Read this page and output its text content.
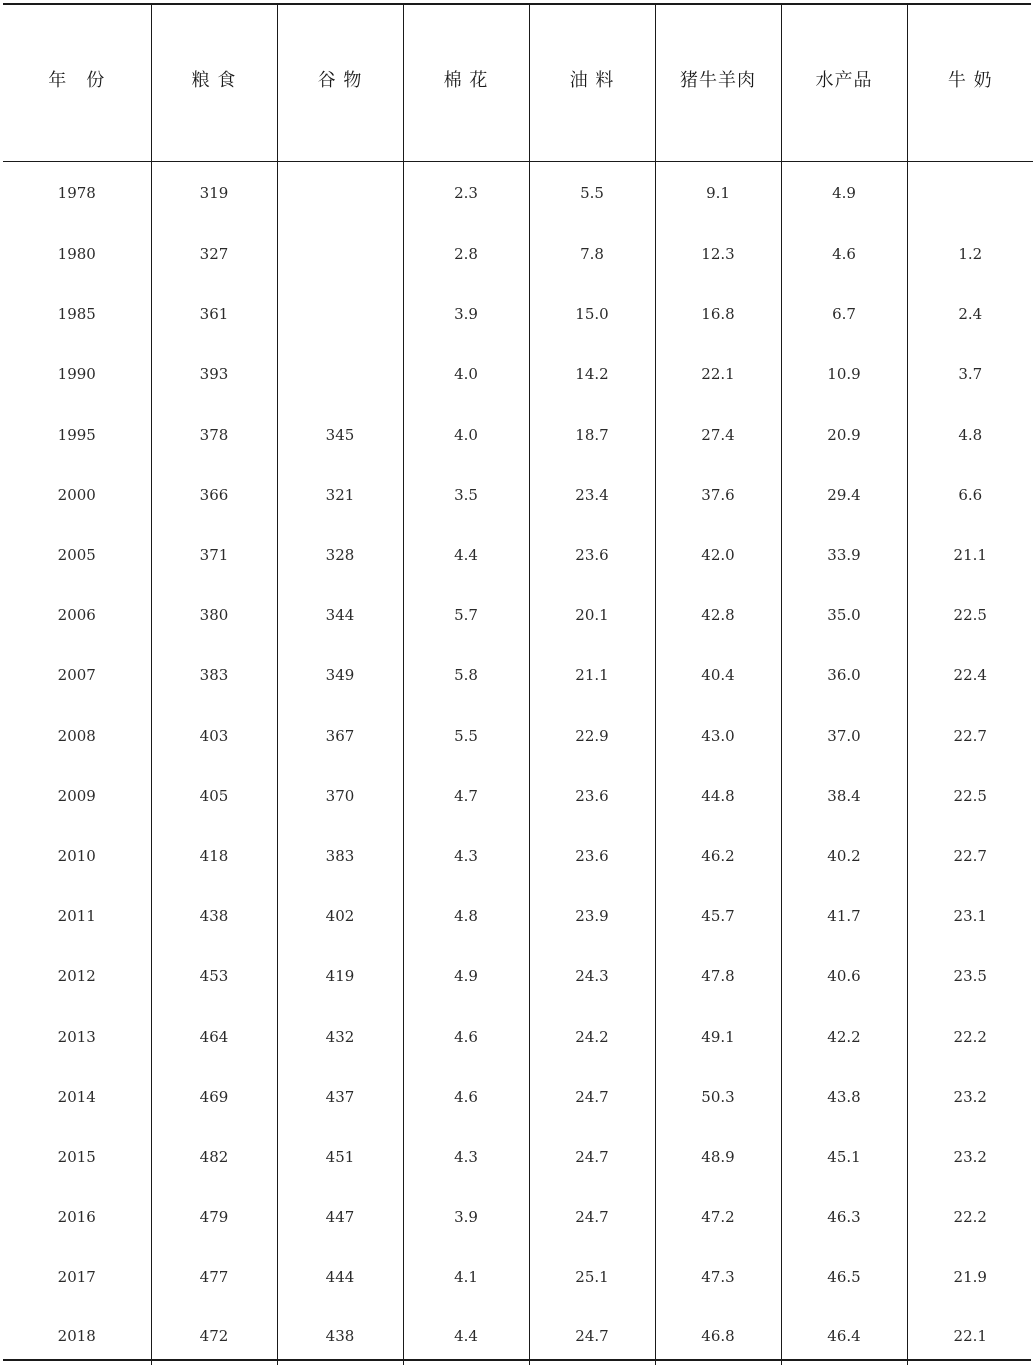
年　份	粮 食	谷 物	棉 花	油 料	猪牛羊肉	水产品	牛 奶
1978	319		2.3	5.5	9.1	4.9	
1980	327		2.8	7.8	12.3	4.6	1.2
1985	361		3.9	15.0	16.8	6.7	2.4
1990	393		4.0	14.2	22.1	10.9	3.7
1995	378	345	4.0	18.7	27.4	20.9	4.8
2000	366	321	3.5	23.4	37.6	29.4	6.6
2005	371	328	4.4	23.6	42.0	33.9	21.1
2006	380	344	5.7	20.1	42.8	35.0	22.5
2007	383	349	5.8	21.1	40.4	36.0	22.4
2008	403	367	5.5	22.9	43.0	37.0	22.7
2009	405	370	4.7	23.6	44.8	38.4	22.5
2010	418	383	4.3	23.6	46.2	40.2	22.7
2011	438	402	4.8	23.9	45.7	41.7	23.1
2012	453	419	4.9	24.3	47.8	40.6	23.5
2013	464	432	4.6	24.2	49.1	42.2	22.2
2014	469	437	4.6	24.7	50.3	43.8	23.2
2015	482	451	4.3	24.7	48.9	45.1	23.2
2016	479	447	3.9	24.7	47.2	46.3	22.2
2017	477	444	4.1	25.1	47.3	46.5	21.9
2018	472	438	4.4	24.7	46.8	46.4	22.1
